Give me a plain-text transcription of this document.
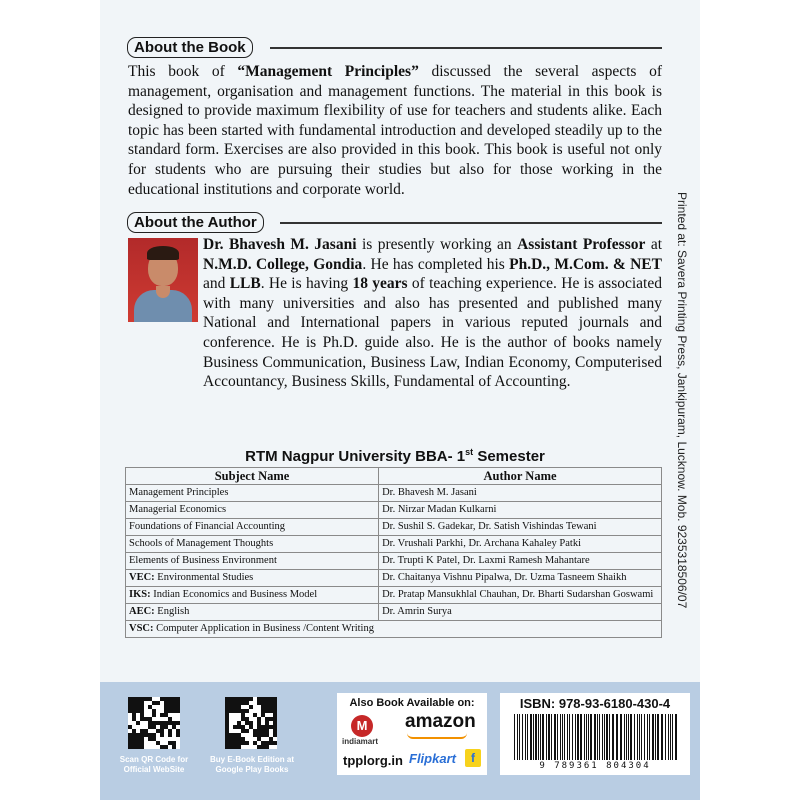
About the Book

This book of “Management Principles” discussed the several aspects of management, organisation and management functions. The material in this book is designed to provide maximum flexibility of use for teachers and students alike. Each topic has been started with fundamental introduction and developed steadily up to the standard form. Exercises are also provided in this book. This book is useful not only for students who are pursuing their studies but also for those working in the educational institutions and corporate world.

About the Author

Dr. Bhavesh M. Jasani is presently working an Assistant Professor at N.M.D. College, Gondia. He has completed his Ph.D., M.Com. & NET and LLB. He is having 18 years of teaching experience. He is associated with many universities and also has presented and published many National and International papers in various reputed journals and conference. He is Ph.D. guide also. He is the author of books namely Business Communication, Business Law, Indian Economy, Computerised Accountancy, Business Skills, Fundamental of Accounting.

RTM Nagpur University BBA- 1st Semester
Subject Name	Author Name
Management Principles	Dr. Bhavesh M. Jasani
Managerial Economics	Dr. Nirzar Madan Kulkarni
Foundations of Financial Accounting	Dr. Sushil S. Gadekar, Dr. Satish Vishindas Tewani
Schools of Management Thoughts	Dr. Vrushali Parkhi, Dr. Archana Kahaley Patki
Elements of Business Environment	Dr. Trupti K Patel, Dr. Laxmi Ramesh Mahantare
VEC: Environmental Studies	Dr. Chaitanya Vishnu Pipalwa, Dr. Uzma Tasneem Shaikh
IKS: Indian Economics and Business Model	Dr. Pratap Mansukhlal Chauhan, Dr. Bharti Sudarshan Goswami
AEC: English	Dr. Amrin Surya
VSC: Computer Application in Business /Content Writing	
Printed at: Savera Printing Press, Jankipuram, Lucknow. Mob. 9235318506/07
Scan QR Code for
Official WebSite
Buy E-Book Edition at
Google Play Books
Also Book Available on:
M
indiamart
amazon
tpplorg.in Flipkart	f
ISBN: 978-93-6180-430-4
9 789361 804304
